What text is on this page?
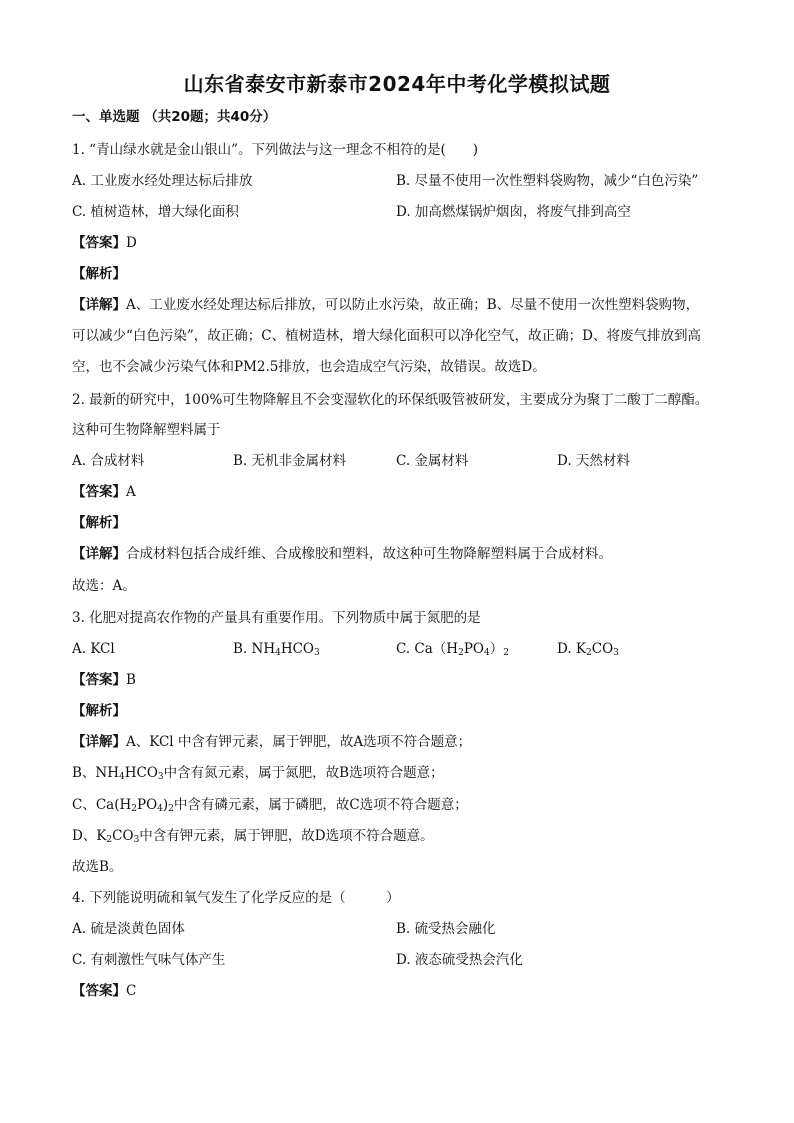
山东省泰安市新泰市2024年中考化学模拟试题
一、单选题 （共20题；共40分）
1. “青山绿水就是金山银山”。下列做法与这一理念不相符的是(　　)
A. 工业废水经处理达标后排放	B. 尽量不使用一次性塑料袋购物，减少“白色污染”
C. 植树造林，增大绿化面积	D. 加高燃煤锅炉烟囱，将废气排到高空
【答案】D
【解析】
【详解】A、工业废水经处理达标后排放，可以防止水污染，故正确；B、尽量不使用一次性塑料袋购物，
可以减少“白色污染”，故正确；C、植树造林，增大绿化面积可以净化空气，故正确；D、将废气排放到高
空，也不会减少污染气体和PM2.5排放，也会造成空气污染，故错误。故选D。
2. 最新的研究中，100%可生物降解且不会变湿软化的环保纸吸管被研发，主要成分为聚丁二酸丁二醇酯。
这种可生物降解塑料属于
A. 合成材料	B. 无机非金属材料	C. 金属材料	D. 天然材料
【答案】A
【解析】
【详解】合成材料包括合成纤维、合成橡胶和塑料，故这种可生物降解塑料属于合成材料。
故选：A。
3. 化肥对提高农作物的产量具有重要作用。下列物质中属于氮肥的是
A. KCl	B. $NH_4HCO_3$	C. $Ca(H_2PO_4)_2$	D. $K_2CO_3$
【答案】B
【解析】
【详解】A、KCl 中含有钾元素，属于钾肥，故A选项不符合题意；
B、$NH_4HCO_3$中含有氮元素，属于氮肥，故B选项符合题意；
C、$Ca(H_2PO_4)_2$中含有磷元素，属于磷肥，故C选项不符合题意；
D、$K_2CO_3$中含有钾元素，属于钾肥，故D选项不符合题意。
故选B。
4. 下列能说明硫和氧气发生了化学反应的是（　　　）
A. 硫是淡黄色固体	B. 硫受热会融化
C. 有刺激性气味气体产生	D. 液态硫受热会汽化
【答案】C
